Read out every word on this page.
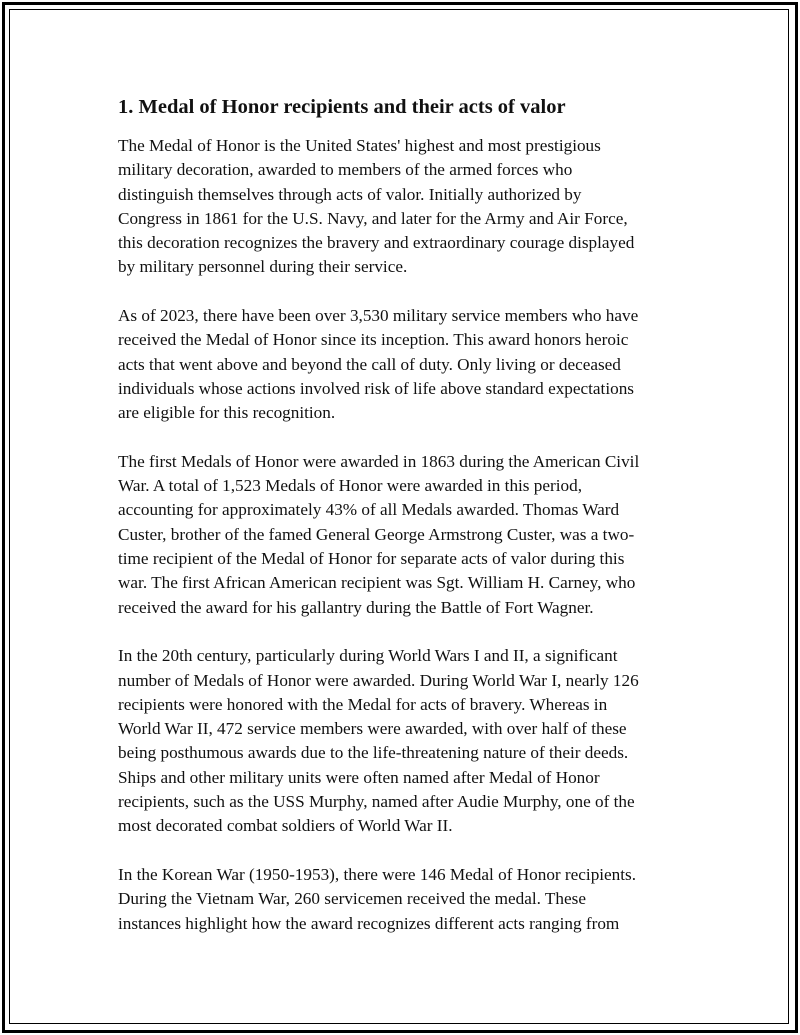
1. Medal of Honor recipients and their acts of valor
The Medal of Honor is the United States' highest and most prestigious
military decoration, awarded to members of the armed forces who
distinguish themselves through acts of valor. Initially authorized by
Congress in 1861 for the U.S. Navy, and later for the Army and Air Force,
this decoration recognizes the bravery and extraordinary courage displayed
by military personnel during their service.
As of 2023, there have been over 3,530 military service members who have
received the Medal of Honor since its inception. This award honors heroic
acts that went above and beyond the call of duty. Only living or deceased
individuals whose actions involved risk of life above standard expectations
are eligible for this recognition.
The first Medals of Honor were awarded in 1863 during the American Civil
War. A total of 1,523 Medals of Honor were awarded in this period,
accounting for approximately 43% of all Medals awarded. Thomas Ward
Custer, brother of the famed General George Armstrong Custer, was a two-
time recipient of the Medal of Honor for separate acts of valor during this
war. The first African American recipient was Sgt. William H. Carney, who
received the award for his gallantry during the Battle of Fort Wagner.
In the 20th century, particularly during World Wars I and II, a significant
number of Medals of Honor were awarded. During World War I, nearly 126
recipients were honored with the Medal for acts of bravery. Whereas in
World War II, 472 service members were awarded, with over half of these
being posthumous awards due to the life-threatening nature of their deeds.
Ships and other military units were often named after Medal of Honor
recipients, such as the USS Murphy, named after Audie Murphy, one of the
most decorated combat soldiers of World War II.
In the Korean War (1950-1953), there were 146 Medal of Honor recipients.
During the Vietnam War, 260 servicemen received the medal. These
instances highlight how the award recognizes different acts ranging from
